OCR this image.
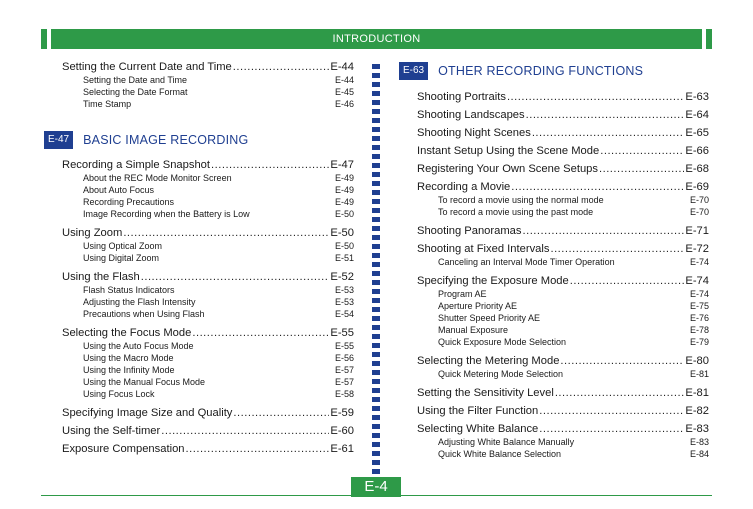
INTRODUCTION
E-47	BASIC IMAGE RECORDING
Setting the Current Date and Time .....	E-44
Setting the Date and Time	E-44
Selecting the Date Format	E-45
Time Stamp	E-46
Recording a Simple Snapshot .....	E-47
About the REC Mode Monitor Screen	E-49
About Auto Focus	E-49
Recording Precautions	E-49
Image Recording when the Battery is Low	E-50
Using Zoom .....	E-50
Using Optical Zoom	E-50
Using Digital Zoom	E-51
Using the Flash .....	E-52
Flash Status Indicators	E-53
Adjusting the Flash Intensity	E-53
Precautions when Using Flash	E-54
Selecting the Focus Mode .....	E-55
Using the Auto Focus Mode	E-55
Using the Macro Mode	E-56
Using the Infinity Mode	E-57
Using the Manual Focus Mode	E-57
Using Focus Lock	E-58
Specifying Image Size and Quality .....	E-59
Using the Self-timer .....	E-60
Exposure Compensation .....	E-61
E-63	OTHER RECORDING FUNCTIONS
Shooting Portraits .....	E-63
Shooting Landscapes .....	E-64
Shooting Night Scenes .....	E-65
Instant Setup Using the Scene Mode .....	E-66
Registering Your Own Scene Setups .....	E-68
Recording a Movie .....	E-69
To record a movie using the normal mode	E-70
To record a movie using the past mode	E-70
Shooting Panoramas .....	E-71
Shooting at Fixed Intervals .....	E-72
Canceling an Interval Mode Timer Operation	E-74
Specifying the Exposure Mode .....	E-74
Program AE	E-74
Aperture Priority AE	E-75
Shutter Speed Priority AE	E-76
Manual Exposure	E-78
Quick Exposure Mode Selection	E-79
Selecting the Metering Mode .....	E-80
Quick Metering Mode Selection	E-81
Setting the Sensitivity Level .....	E-81
Using the Filter Function .....	E-82
Selecting White Balance .....	E-83
Adjusting White Balance Manually	E-83
Quick White Balance Selection	E-84
E-4
